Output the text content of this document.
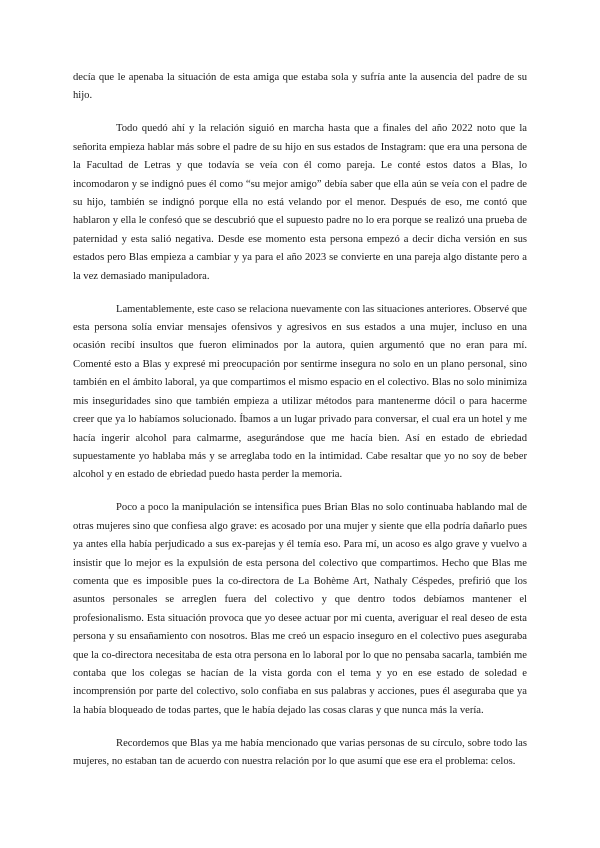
decía que le apenaba la situación de esta amiga que estaba sola y sufría ante la ausencia del padre de su hijo.

Todo quedó ahí y la relación siguió en marcha hasta que a finales del año 2022 noto que la señorita empieza hablar más sobre el padre de su hijo en sus estados de Instagram: que era una persona de la Facultad de Letras y que todavía se veía con él como pareja. Le conté estos datos a Blas, lo incomodaron y se indignó pues él como “su mejor amigo” debía saber que ella aún se veía con el padre de su hijo, también se indignó porque ella no está velando por el menor. Después de eso, me contó que hablaron y ella le confesó que se descubrió que el supuesto padre no lo era porque se realizó una prueba de paternidad y esta salió negativa. Desde ese momento esta persona empezó a decir dicha versión en sus estados pero Blas empieza a cambiar y ya para el año 2023 se convierte en una pareja algo distante pero a la vez demasiado manipuladora.

Lamentablemente, este caso se relaciona nuevamente con las situaciones anteriores. Observé que esta persona solía enviar mensajes ofensivos y agresivos en sus estados a una mujer, incluso en una ocasión recibí insultos que fueron eliminados por la autora, quien argumentó que no eran para mí. Comenté esto a Blas y expresé mi preocupación por sentirme insegura no solo en un plano personal, sino también en el ámbito laboral, ya que compartimos el mismo espacio en el colectivo. Blas no solo minimiza mis inseguridades sino que también empieza a utilizar métodos para mantenerme dócil o para hacerme creer que ya lo habíamos solucionado. Íbamos a un lugar privado para conversar, el cual era un hotel y me hacía ingerir alcohol para calmarme, asegurándose que me hacía bien. Así en estado de ebriedad supuestamente yo hablaba más y se arreglaba todo en la intimidad. Cabe resaltar que yo no soy de beber alcohol y en estado de ebriedad puedo hasta perder la memoria.

Poco a poco la manipulación se intensifica pues Brian Blas no solo continuaba hablando mal de otras mujeres sino que confiesa algo grave: es acosado por una mujer y siente que ella podría dañarlo pues ya antes ella había perjudicado a sus ex-parejas y él temía eso. Para mí, un acoso es algo grave y vuelvo a insistir que lo mejor es la expulsión de esta persona del colectivo que compartimos. Hecho que Blas me comenta que es imposible pues la co-directora de La Bohème Art, Nathaly Céspedes, prefirió que los asuntos personales se arreglen fuera del colectivo y que dentro todos debíamos mantener el profesionalismo. Esta situación provoca que yo desee actuar por mi cuenta, averiguar el real deseo de esta persona y su ensañamiento con nosotros. Blas me creó un espacio inseguro en el colectivo pues aseguraba que la co-directora necesitaba de esta otra persona en lo laboral por lo que no pensaba sacarla, también me contaba que los colegas se hacían de la vista gorda con el tema y yo en ese estado de soledad e incomprensión por parte del colectivo, solo confiaba en sus palabras y acciones, pues él aseguraba que ya la había bloqueado de todas partes, que le había dejado las cosas claras y que nunca más la vería.

Recordemos que Blas ya me había mencionado que varias personas de su círculo, sobre todo las mujeres, no estaban tan de acuerdo con nuestra relación por lo que asumí que ese era el problema: celos.
